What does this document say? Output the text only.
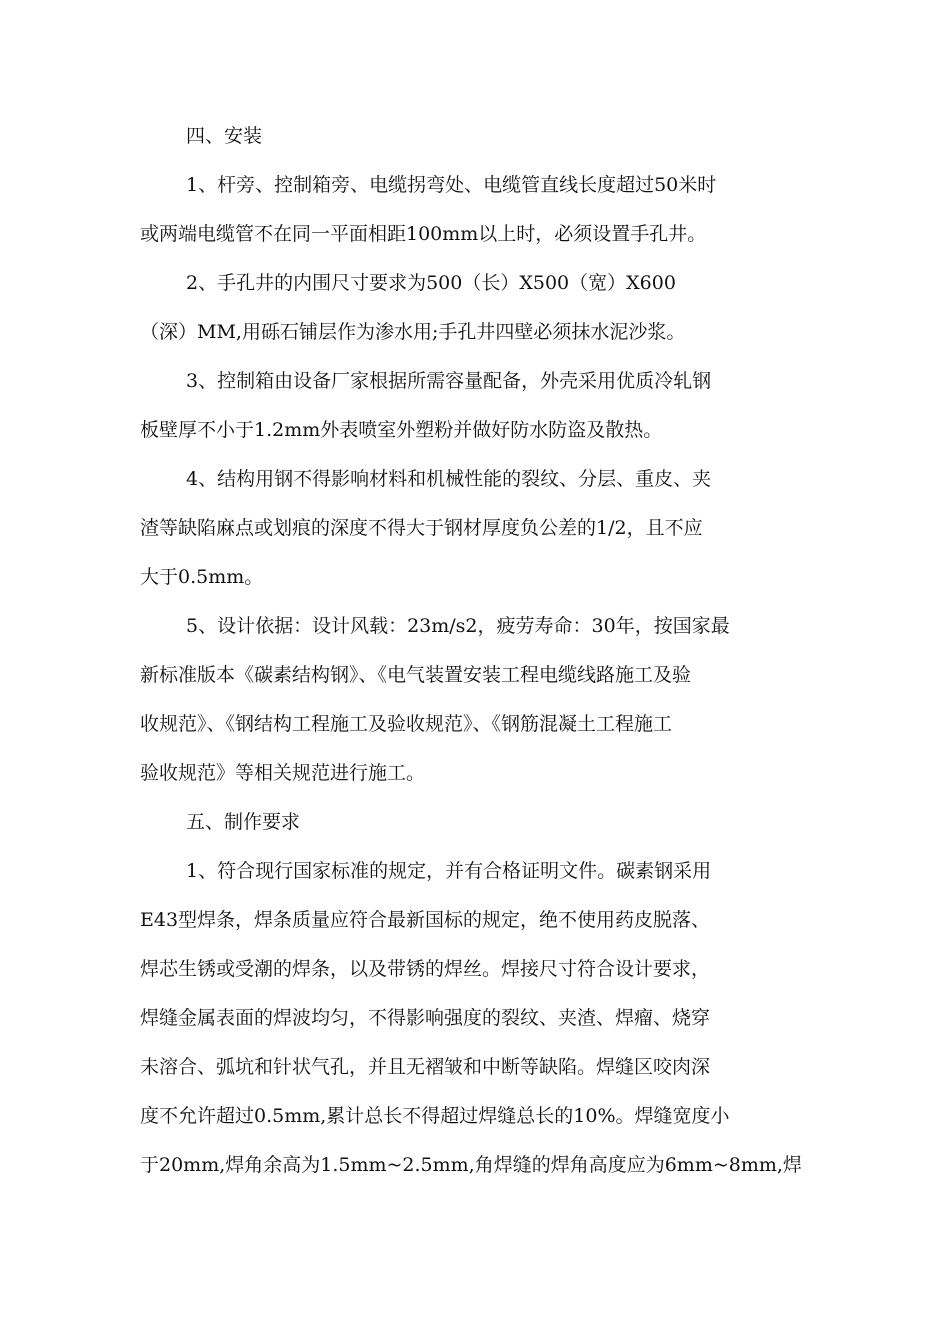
四、安装
1、杆旁、控制箱旁、电缆拐弯处、电缆管直线长度超过50米时
或两端电缆管不在同一平面相距100mm以上时，必须设置手孔井。
2、手孔井的内围尺寸要求为500（长）X500（宽）X600
（深）MM,用砾石铺层作为渗水用;手孔井四壁必须抹水泥沙浆。
3、控制箱由设备厂家根据所需容量配备，外壳采用优质冷轧钢
板壁厚不小于1.2mm外表喷室外塑粉并做好防水防盗及散热。
4、结构用钢不得影响材料和机械性能的裂纹、分层、重皮、夹
渣等缺陷麻点或划痕的深度不得大于钢材厚度负公差的1/2，且不应
大于0.5mm。
5、设计依据：设计风载：23m/s2，疲劳寿命：30年，按国家最
新标准版本《碳素结构钢》、《电气装置安装工程电缆线路施工及验
收规范》、《钢结构工程施工及验收规范》、《钢筋混凝土工程施工
验收规范》等相关规范进行施工。
五、制作要求
1、符合现行国家标准的规定，并有合格证明文件。碳素钢采用
E43型焊条，焊条质量应符合最新国标的规定，绝不使用药皮脱落、
焊芯生锈或受潮的焊条，以及带锈的焊丝。焊接尺寸符合设计要求，
焊缝金属表面的焊波均匀，不得影响强度的裂纹、夹渣、焊瘤、烧穿
未溶合、弧坑和针状气孔，并且无褶皱和中断等缺陷。焊缝区咬肉深
度不允许超过0.5mm,累计总长不得超过焊缝总长的10%。焊缝宽度小
于20mm,焊角余高为1.5mm~2.5mm,角焊缝的焊角高度应为6mm~8mm,焊
